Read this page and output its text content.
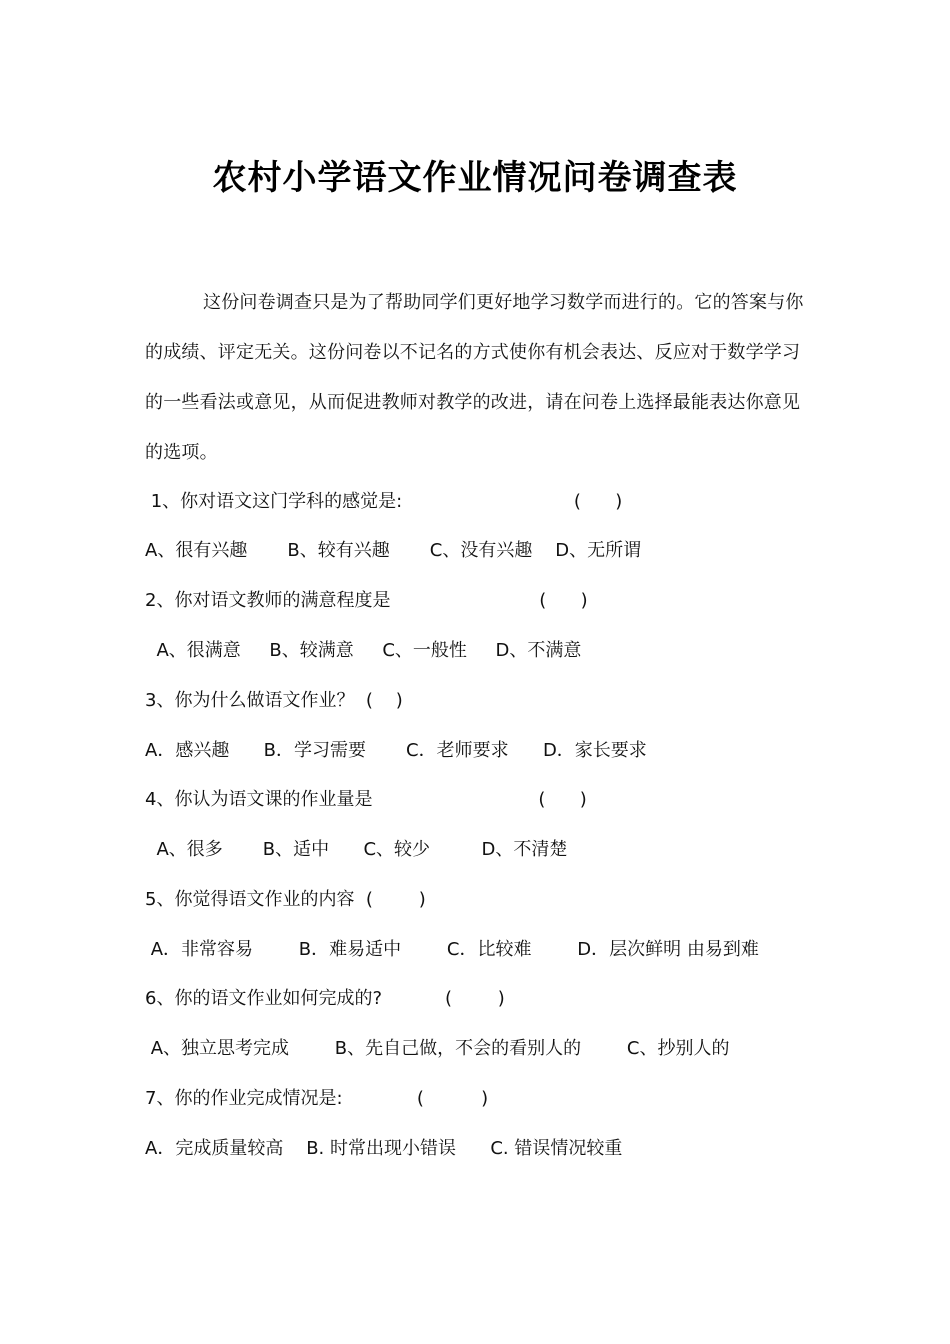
农村小学语文作业情况问卷调查表

这份问卷调查只是为了帮助同学们更好地学习数学而进行的。它的答案与你的成绩、评定无关。这份问卷以不记名的方式使你有机会表达、反应对于数学学习的一些看法或意见，从而促进教师对教学的改进，请在问卷上选择最能表达你意见的选项。

1、你对语文这门学科的感觉是:                              (      )
A、很有兴趣       B、较有兴趣       C、没有兴趣    D、无所谓
2、你对语文教师的满意程度是                          (      )
A、很满意     B、较满意     C、一般性     D、不满意
3、你为什么做语文作业？  (    )
A．感兴趣      B．学习需要       C．老师要求      D．家长要求
4、你认为语文课的作业量是                             (      )
A、很多       B、适中      C、较少         D、不清楚
5、你觉得语文作业的内容  (        )
A．非常容易        B．难易适中        C．比较难        D．层次鲜明 由易到难
6、你的语文作业如何完成的?           (        )
A、独立思考完成        B、先自己做，不会的看别人的        C、抄别人的
7、你的作业完成情况是:             (          )
A．完成质量较高    B. 时常出现小错误      C. 错误情况较重
